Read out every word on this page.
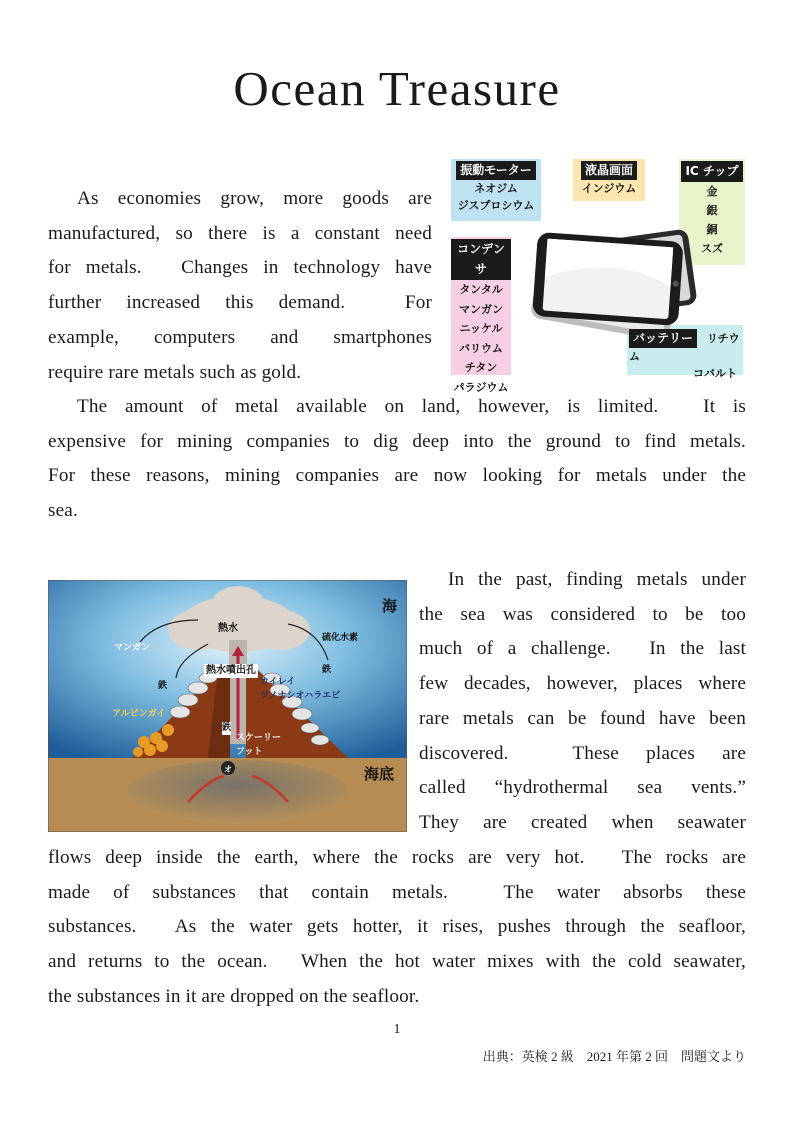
Ocean Treasure
As economies grow, more goods are
manufactured, so there is a constant need
for metals.　Changes in technology have
further increased this demand.　For
example, computers and smartphones
require rare metals such as gold.
振動モーター
ネオジム
ジスプロシウム
液晶画面
インジウム
IC チップ
金
銀
銅
スズ
コンデンサ
タンタル
マンガン
ニッケル
バリウム
チタン
パラジウム
バッテリー リチウム
コバルト
The amount of metal available on land, however, is limited.　It is
expensive for mining companies to dig deep into the ground to find metals.
For these reasons, mining companies are now looking for metals under the
sea.
海
海底
熱水
熱水噴出孔
マンガン
鉄
鉄
鉄
硫化水素
アルビンガイ
カイレイ
ツノナシオハラエビ
スケーリー
フット
オ
In the past, finding metals under
the sea was considered to be too
much of a challenge.　In the last
few decades, however, places where
rare metals can be found have been
discovered.　These places are
called “hydrothermal sea vents.”
They are created when seawater
flows deep inside the earth, where the rocks are very hot.　The rocks are
made of substances that contain metals.　The water absorbs these
substances.　As the water gets hotter, it rises, pushes through the seafloor,
and returns to the ocean.　When the hot water mixes with the cold seawater,
the substances in it are dropped on the seafloor.
1
出典：英検 2 級　2021 年第 2 回　問題文より
